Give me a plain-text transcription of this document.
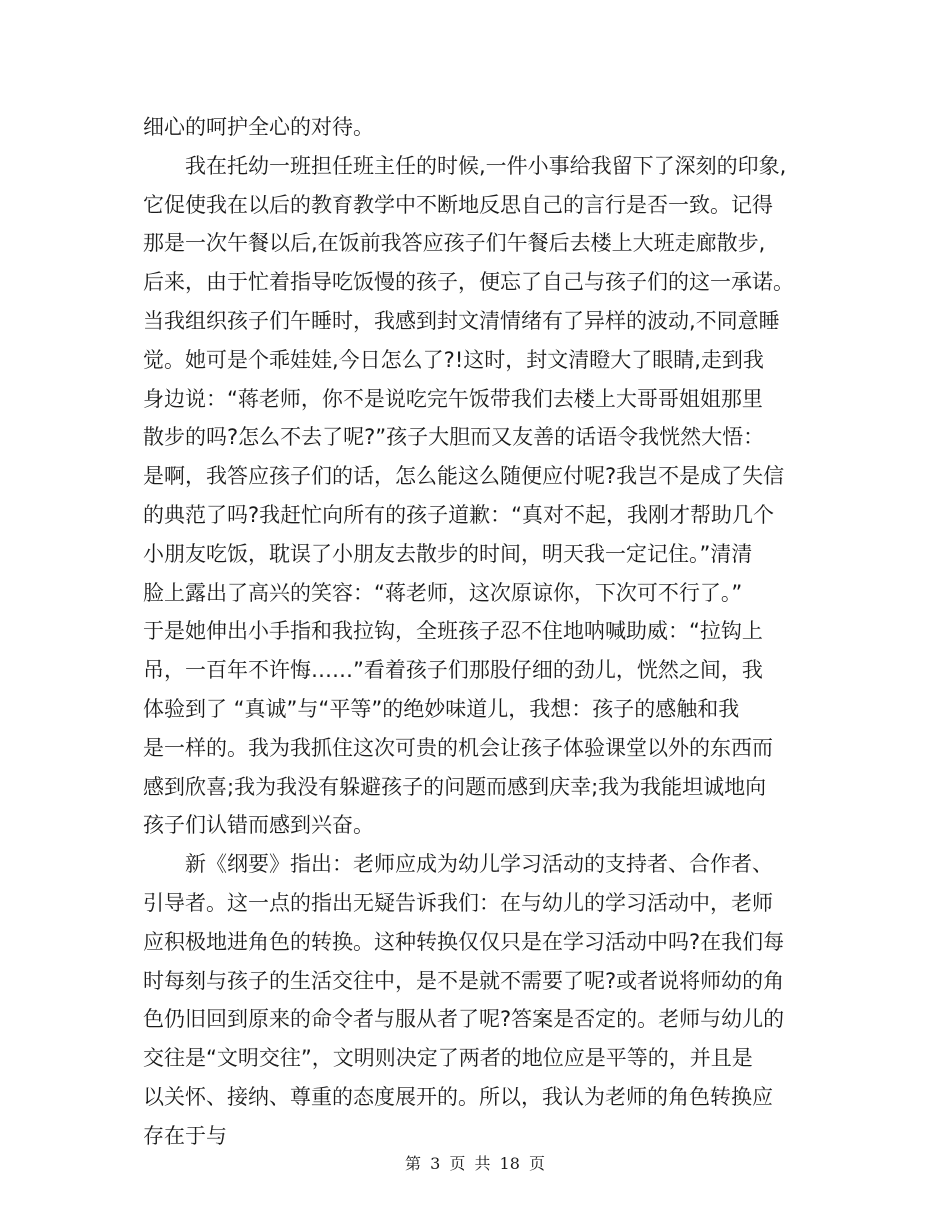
细心的呵护全心的对待。
我在托幼一班担任班主任的时候,一件小事给我留下了深刻的印象,
它促使我在以后的教育教学中不断地反思自己的言行是否一致。记得
那是一次午餐以后,在饭前我答应孩子们午餐后去楼上大班走廊散步,
后来，由于忙着指导吃饭慢的孩子，便忘了自己与孩子们的这一承诺。
当我组织孩子们午睡时，我感到封文清情绪有了异样的波动,不同意睡
觉。她可是个乖娃娃,今日怎么了?!这时，封文清瞪大了眼睛,走到我
身边说：“蒋老师，你不是说吃完午饭带我们去楼上大哥哥姐姐那里
散步的吗?怎么不去了呢?”孩子大胆而又友善的话语令我恍然大悟：
是啊，我答应孩子们的话，怎么能这么随便应付呢?我岂不是成了失信
的典范了吗?我赶忙向所有的孩子道歉：“真对不起，我刚才帮助几个
小朋友吃饭，耽误了小朋友去散步的时间，明天我一定记住。”清清
脸上露出了高兴的笑容：“蒋老师，这次原谅你，下次可不行了。”
于是她伸出小手指和我拉钩，全班孩子忍不住地呐喊助威：“拉钩上
吊，一百年不许悔……”看着孩子们那股仔细的劲儿，恍然之间，我
体验到了 “真诚”与“平等”的绝妙味道儿，我想：孩子的感触和我
是一样的。我为我抓住这次可贵的机会让孩子体验课堂以外的东西而
感到欣喜;我为我没有躲避孩子的问题而感到庆幸;我为我能坦诚地向
孩子们认错而感到兴奋。
新《纲要》指出：老师应成为幼儿学习活动的支持者、合作者、
引导者。这一点的指出无疑告诉我们：在与幼儿的学习活动中，老师
应积极地进角色的转换。这种转换仅仅只是在学习活动中吗?在我们每
时每刻与孩子的生活交往中，是不是就不需要了呢?或者说将师幼的角
色仍旧回到原来的命令者与服从者了呢?答案是否定的。老师与幼儿的
交往是“文明交往”，文明则决定了两者的地位应是平等的，并且是
以关怀、接纳、尊重的态度展开的。所以，我认为老师的角色转换应
存在于与
第 3 页 共 18 页
